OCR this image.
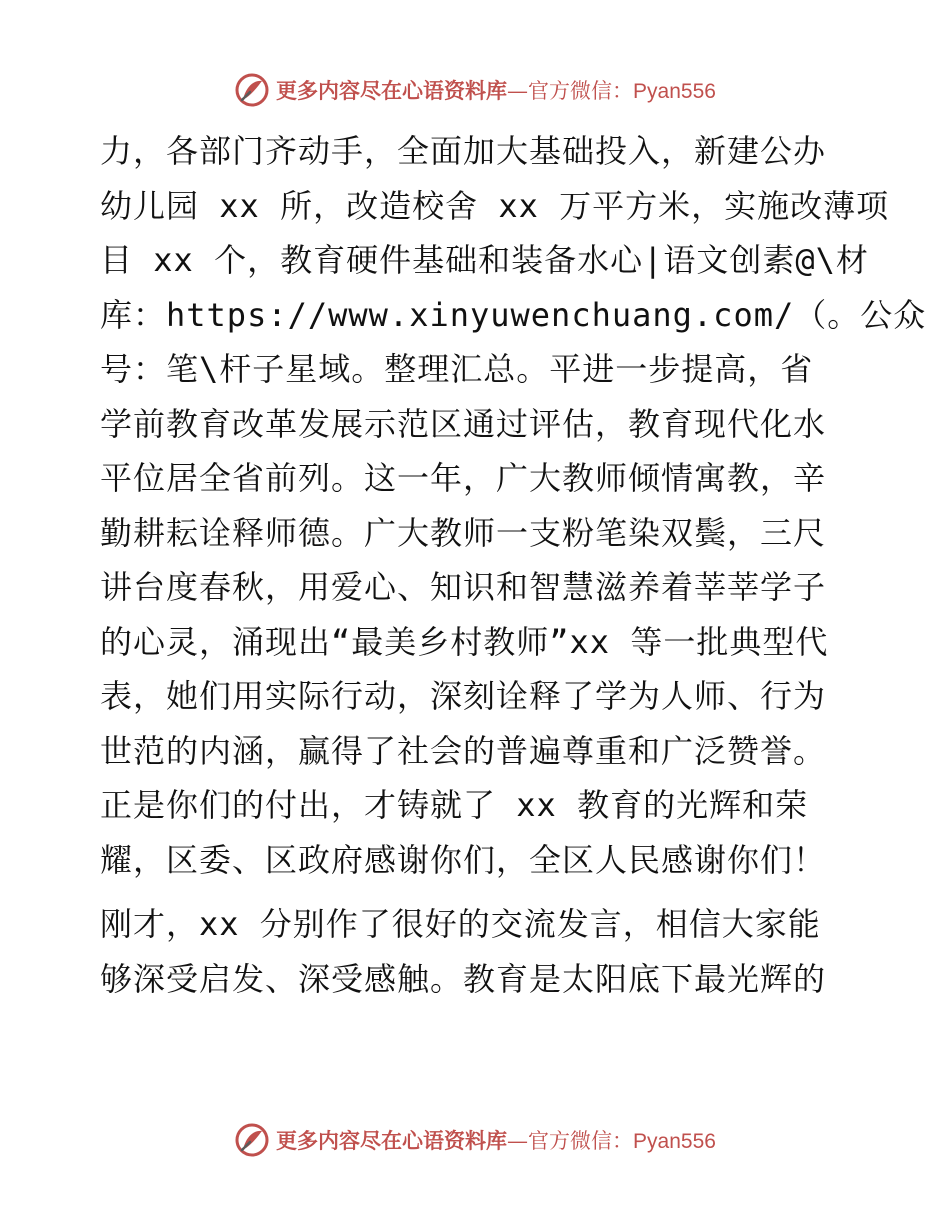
更多内容尽在心语资料库 —官方微信： Pyan556
力，各部门齐动手，全面加大基础投入，新建公办
幼儿园 xx 所，改造校舍 xx 万平方米，实施改薄项
目 xx 个，教育硬件基础和装备水心|语文创素@\材
库：https://www.xinyuwenchuang.com/（。公众
号：笔\杆子星域。整理汇总。平进一步提高，省
学前教育改革发展示范区通过评估，教育现代化水
平位居全省前列。这一年，广大教师倾情寓教，辛
勤耕耘诠释师德。广大教师一支粉笔染双鬓，三尺
讲台度春秋，用爱心、知识和智慧滋养着莘莘学子
的心灵，涌现出“最美乡村教师”xx 等一批典型代
表，她们用实际行动，深刻诠释了学为人师、行为
世范的内涵，赢得了社会的普遍尊重和广泛赞誉。
正是你们的付出，才铸就了 xx 教育的光辉和荣
耀，区委、区政府感谢你们，全区人民感谢你们！
刚才，xx 分别作了很好的交流发言，相信大家能
够深受启发、深受感触。教育是太阳底下最光辉的
更多内容尽在心语资料库 —官方微信： Pyan556
